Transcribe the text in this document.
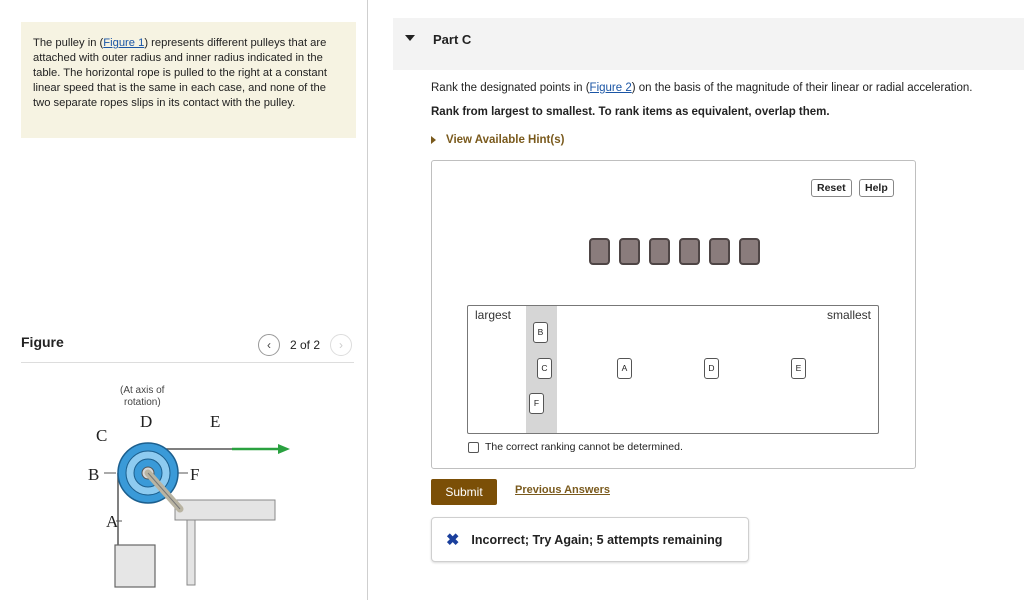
The pulley in (Figure 1) represents different pulleys that are attached with outer radius and inner radius indicated in the table. The horizontal rope is pulled to the right at a constant linear speed that is the same in each case, and none of the two separate ropes slips in its contact with the pulley.
Figure	‹ 2 of 2 ›
(At axis of
rotation)
D	E
C
B	F
A
Part C
Rank the designated points in (Figure 2) on the basis of the magnitude of their linear or radial acceleration.
Rank from largest to smallest. To rank items as equivalent, overlap them.
View Available Hint(s)
Reset	Help
largest	smallest
B
C
F
A	D	E
The correct ranking cannot be determined.
Submit	Previous Answers
✖ Incorrect; Try Again; 5 attempts remaining
